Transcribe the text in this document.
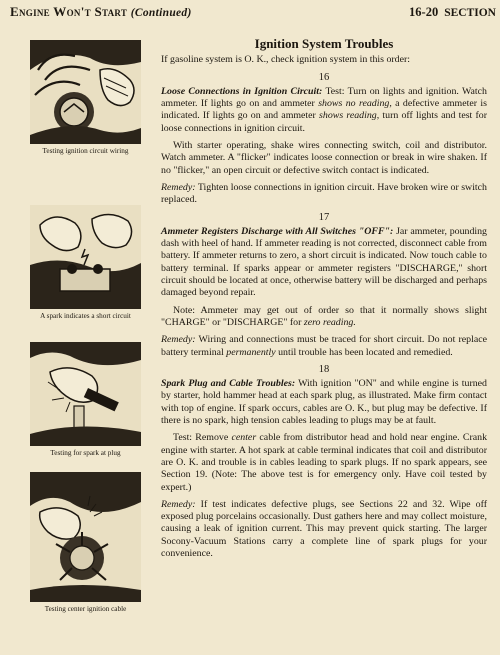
Engine Won't Start (Continued)	16-20 SECTION
Testing ignition circuit wiring
A spark indicates a short circuit
Testing for spark at plug
Testing center ignition cable
Ignition System Troubles

If gasoline system is O. K., check ignition system in this order:

16

Loose Connections in Ignition Circuit: Test: Turn on lights and ignition. Watch ammeter. If lights go on and ammeter shows no reading, a defective ammeter is indicated. If lights go on and ammeter shows reading, turn off lights and test for loose connections in ignition circuit.

With starter operating, shake wires connecting switch, coil and distributor. Watch ammeter. A "flicker" indicates loose connection or break in wire shaken. If no "flicker," an open circuit or defective switch contact is indicated.

Remedy: Tighten loose connections in ignition circuit. Have broken wire or switch replaced.

17

Ammeter Registers Discharge with All Switches "OFF": Jar ammeter, pounding dash with heel of hand. If ammeter reading is not corrected, disconnect cable from battery. If ammeter returns to zero, a short circuit is indicated. Now touch cable to battery terminal. If sparks appear or ammeter registers "DISCHARGE," short circuit should be located at once, otherwise battery will be discharged and perhaps damaged beyond repair.

Note: Ammeter may get out of order so that it normally shows slight "CHARGE" or "DISCHARGE" for zero reading.

Remedy: Wiring and connections must be traced for short circuit. Do not replace battery terminal permanently until trouble has been located and remedied.

18

Spark Plug and Cable Troubles: With ignition "ON" and while engine is turned by starter, hold hammer head at each spark plug, as illustrated. Make firm contact with top of engine. If spark occurs, cables are O. K., but plug may be defective. If there is no spark, high tension cables leading to plugs may be at fault.

Test: Remove center cable from distributor head and hold near engine. Crank engine with starter. A hot spark at cable terminal indicates that coil and distributor are O. K. and trouble is in cables leading to spark plugs. If no spark appears, see Section 19. (Note: The above test is for emergency only. Have coil tested by expert.)

Remedy: If test indicates defective plugs, see Sections 22 and 32. Wipe off exposed plug porcelains occasionally. Dust gathers here and may collect moisture, causing a leak of ignition current. This may prevent quick starting. The larger Socony-Vacuum Stations carry a complete line of spark plugs for your convenience.
